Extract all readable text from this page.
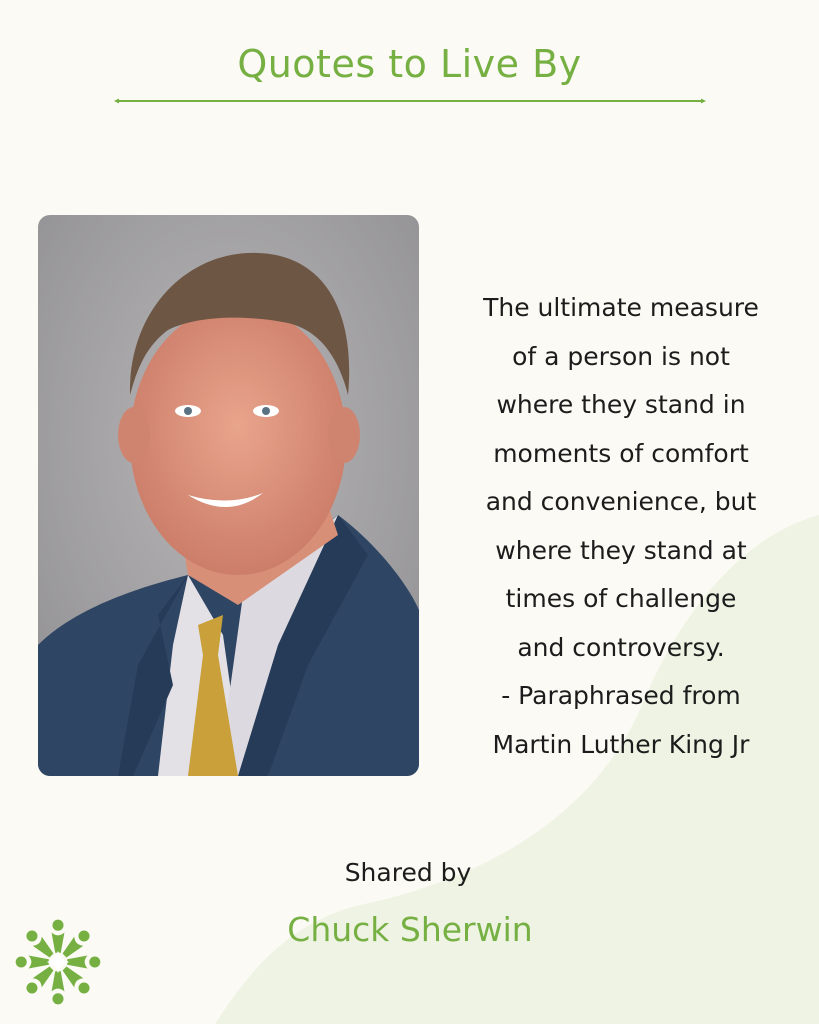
Quotes to Live By
The ultimate measure
of a person is not
where they stand in
moments of comfort
and convenience, but
where they stand at
times of challenge
and controversy.
- Paraphrased from
Martin Luther King Jr
Shared by
Chuck Sherwin
